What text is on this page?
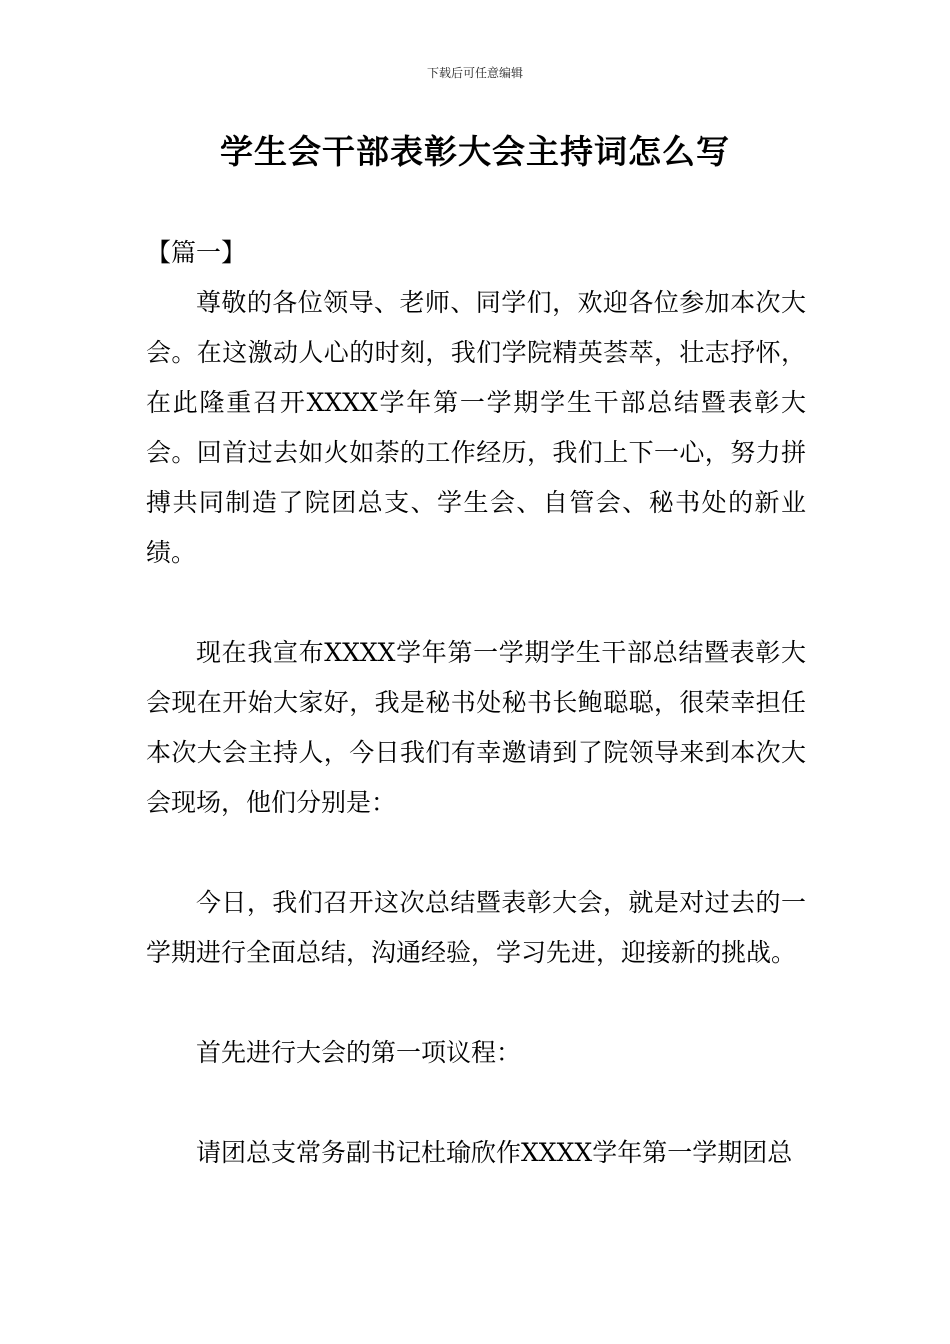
下载后可任意编辑
学生会干部表彰大会主持词怎么写

【篇一】

尊敬的各位领导、老师、同学们，欢迎各位参加本次大会。在这激动人心的时刻，我们学院精英荟萃，壮志抒怀，在此隆重召开XXXX学年第一学期学生干部总结暨表彰大会。回首过去如火如荼的工作经历，我们上下一心，努力拼搏共同制造了院团总支、学生会、自管会、秘书处的新业绩。

现在我宣布XXXX学年第一学期学生干部总结暨表彰大会现在开始大家好，我是秘书处秘书长鲍聪聪，很荣幸担任本次大会主持人，今日我们有幸邀请到了院领导来到本次大会现场，他们分别是：

今日，我们召开这次总结暨表彰大会，就是对过去的一学期进行全面总结，沟通经验，学习先进，迎接新的挑战。

首先进行大会的第一项议程：

请团总支常务副书记杜瑜欣作XXXX学年第一学期团总
